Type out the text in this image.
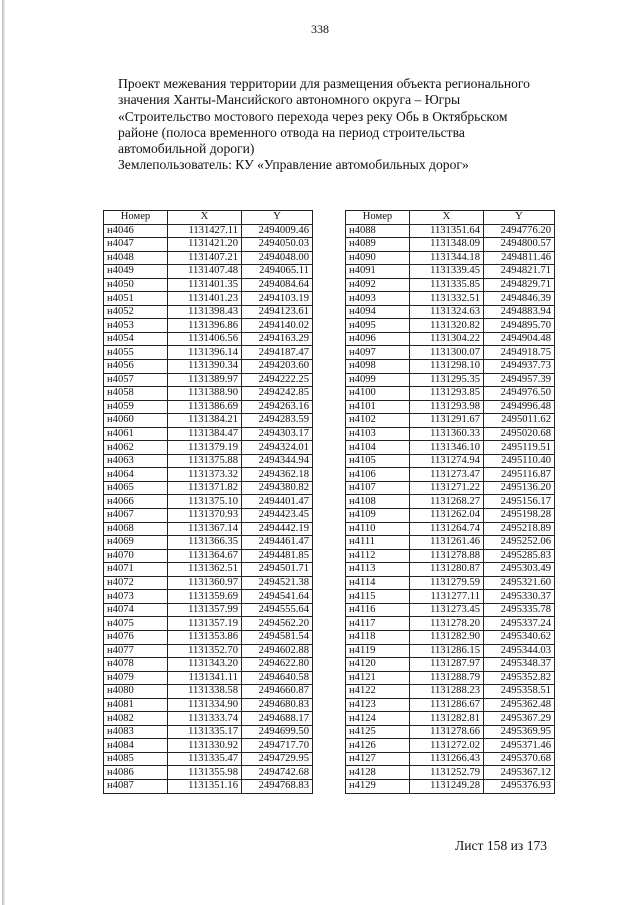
338
Проект межевания территории для размещения объекта регионального
значения Ханты-Мансийского автономного округа – Югры
«Строительство мостового перехода через реку Обь в Октябрьском
районе (полоса временного отвода на период строительства
автомобильной дороги)
Землепользователь: КУ «Управление автомобильных дорог»
Номер	X	Y
н4046	1131427.11	2494009.46
н4047	1131421.20	2494050.03
н4048	1131407.21	2494048.00
н4049	1131407.48	2494065.11
н4050	1131401.35	2494084.64
н4051	1131401.23	2494103.19
н4052	1131398.43	2494123.61
н4053	1131396.86	2494140.02
н4054	1131406.56	2494163.29
н4055	1131396.14	2494187.47
н4056	1131390.34	2494203.60
н4057	1131389.97	2494222.25
н4058	1131388.90	2494242.85
н4059	1131386.69	2494263.16
н4060	1131384.21	2494283.59
н4061	1131384.47	2494303.17
н4062	1131379.19	2494324.01
н4063	1131375.88	2494344.94
н4064	1131373.32	2494362.18
н4065	1131371.82	2494380.82
н4066	1131375.10	2494401.47
н4067	1131370.93	2494423.45
н4068	1131367.14	2494442.19
н4069	1131366.35	2494461.47
н4070	1131364.67	2494481.85
н4071	1131362.51	2494501.71
н4072	1131360.97	2494521.38
н4073	1131359.69	2494541.64
н4074	1131357.99	2494555.64
н4075	1131357.19	2494562.20
н4076	1131353.86	2494581.54
н4077	1131352.70	2494602.88
н4078	1131343.20	2494622.80
н4079	1131341.11	2494640.58
н4080	1131338.58	2494660.87
н4081	1131334.90	2494680.83
н4082	1131333.74	2494688.17
н4083	1131335.17	2494699.50
н4084	1131330.92	2494717.70
н4085	1131335.47	2494729.95
н4086	1131355.98	2494742.68
н4087	1131351.16	2494768.83
Номер	X	Y
н4088	1131351.64	2494776.20
н4089	1131348.09	2494800.57
н4090	1131344.18	2494811.46
н4091	1131339.45	2494821.71
н4092	1131335.85	2494829.71
н4093	1131332.51	2494846.39
н4094	1131324.63	2494883.94
н4095	1131320.82	2494895.70
н4096	1131304.22	2494904.48
н4097	1131300.07	2494918.75
н4098	1131298.10	2494937.73
н4099	1131295.35	2494957.39
н4100	1131293.85	2494976.50
н4101	1131293.98	2494996.48
н4102	1131291.67	2495011.62
н4103	1131360.33	2495020.68
н4104	1131346.10	2495119.51
н4105	1131274.94	2495110.40
н4106	1131273.47	2495116.87
н4107	1131271.22	2495136.20
н4108	1131268.27	2495156.17
н4109	1131262.04	2495198.28
н4110	1131264.74	2495218.89
н4111	1131261.46	2495252.06
н4112	1131278.88	2495285.83
н4113	1131280.87	2495303.49
н4114	1131279.59	2495321.60
н4115	1131277.11	2495330.37
н4116	1131273.45	2495335.78
н4117	1131278.20	2495337.24
н4118	1131282.90	2495340.62
н4119	1131286.15	2495344.03
н4120	1131287.97	2495348.37
н4121	1131288.79	2495352.82
н4122	1131288.23	2495358.51
н4123	1131286.67	2495362.48
н4124	1131282.81	2495367.29
н4125	1131278.66	2495369.95
н4126	1131272.02	2495371.46
н4127	1131266.43	2495370.68
н4128	1131252.79	2495367.12
н4129	1131249.28	2495376.93
Лист 158 из 173
